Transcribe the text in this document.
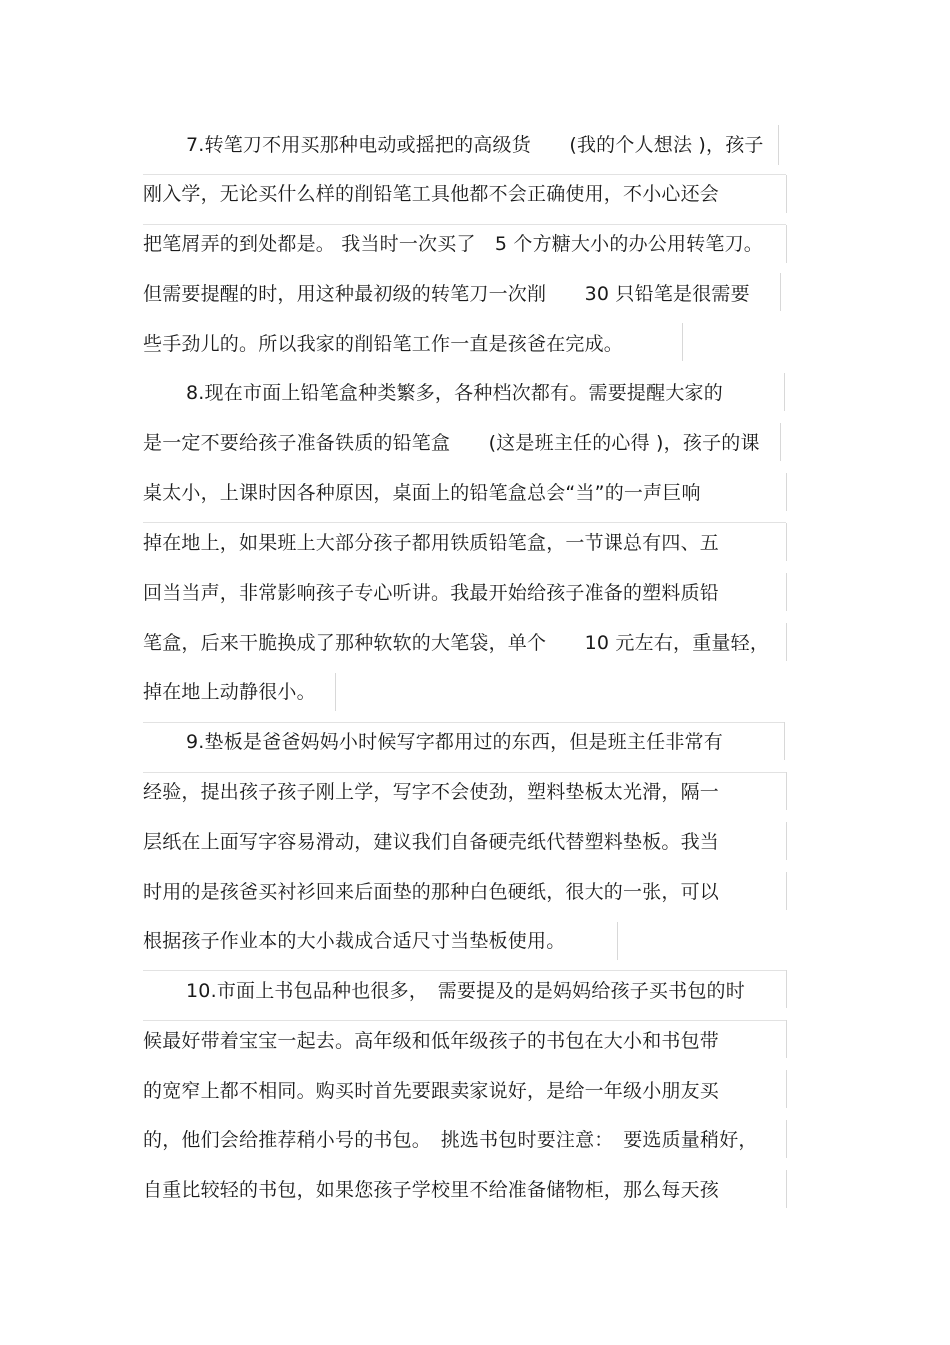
7.转笔刀不用买那种电动或摇把的高级货　　(我的个人想法 )，孩子
刚入学，无论买什么样的削铅笔工具他都不会正确使用，不小心还会
把笔屑弄的到处都是。 我当时一次买了　5 个方糖大小的办公用转笔刀。
但需要提醒的时，用这种最初级的转笔刀一次削　　30 只铅笔是很需要
些手劲儿的。所以我家的削铅笔工作一直是孩爸在完成。
8.现在市面上铅笔盒种类繁多，各种档次都有。需要提醒大家的
是一定不要给孩子准备铁质的铅笔盒　　(这是班主任的心得 )，孩子的课
桌太小，上课时因各种原因，桌面上的铅笔盒总会“当”的一声巨响
掉在地上，如果班上大部分孩子都用铁质铅笔盒，一节课总有四、五
回当当声，非常影响孩子专心听讲。我最开始给孩子准备的塑料质铅
笔盒，后来干脆换成了那种软软的大笔袋，单个　　10 元左右，重量轻，
掉在地上动静很小。
9.垫板是爸爸妈妈小时候写字都用过的东西，但是班主任非常有
经验，提出孩子孩子刚上学，写字不会使劲，塑料垫板太光滑，隔一
层纸在上面写字容易滑动，建议我们自备硬壳纸代替塑料垫板。我当
时用的是孩爸买衬衫回来后面垫的那种白色硬纸，很大的一张，可以
根据孩子作业本的大小裁成合适尺寸当垫板使用。
10.市面上书包品种也很多，　需要提及的是妈妈给孩子买书包的时
候最好带着宝宝一起去。高年级和低年级孩子的书包在大小和书包带
的宽窄上都不相同。购买时首先要跟卖家说好，是给一年级小朋友买
的，他们会给推荐稍小号的书包。　挑选书包时要注意：　要选质量稍好，
自重比较轻的书包，如果您孩子学校里不给准备储物柜，那么每天孩
